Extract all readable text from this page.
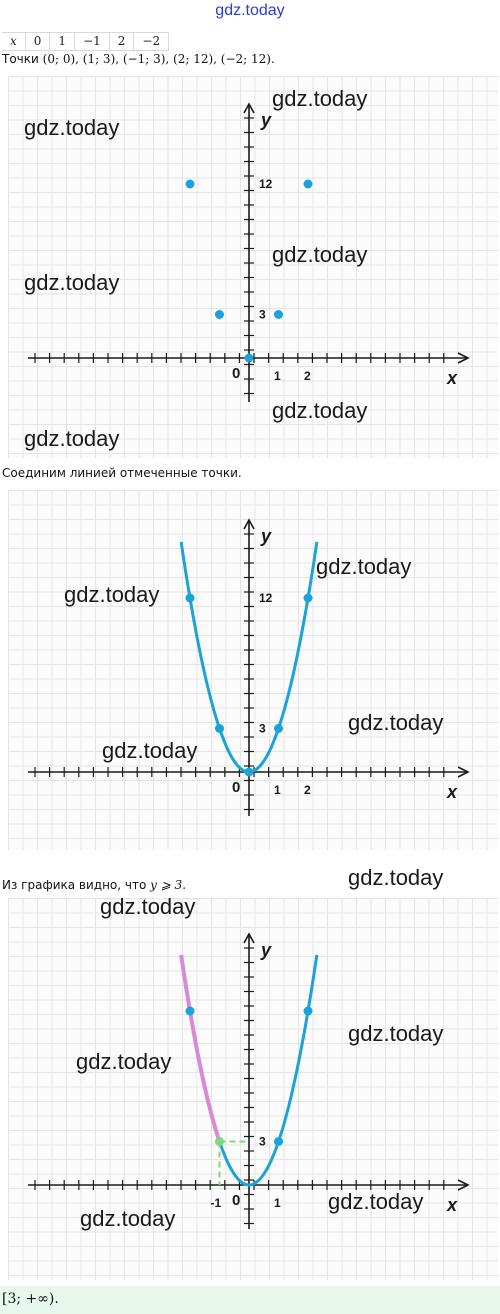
gdz.today
x	0	1	−1	2	−2
Точки (0; 0), (1; 3), (−1; 3), (2; 12), (−2; 12).
y
x
0
3
12
1 2
gdz.today
gdz.today
gdz.today
gdz.today
gdz.today
gdz.today
Соединим линией отмеченные точки.
y
x
0
3
12
1 2
gdz.today
gdz.today
gdz.today
gdz.today
Из графика видно, что y ⩾ 3.
y
x
0
3
-1	1
gdz.today
gdz.today
gdz.today
gdz.today
gdz.today
gdz.today
[3; +∞).
